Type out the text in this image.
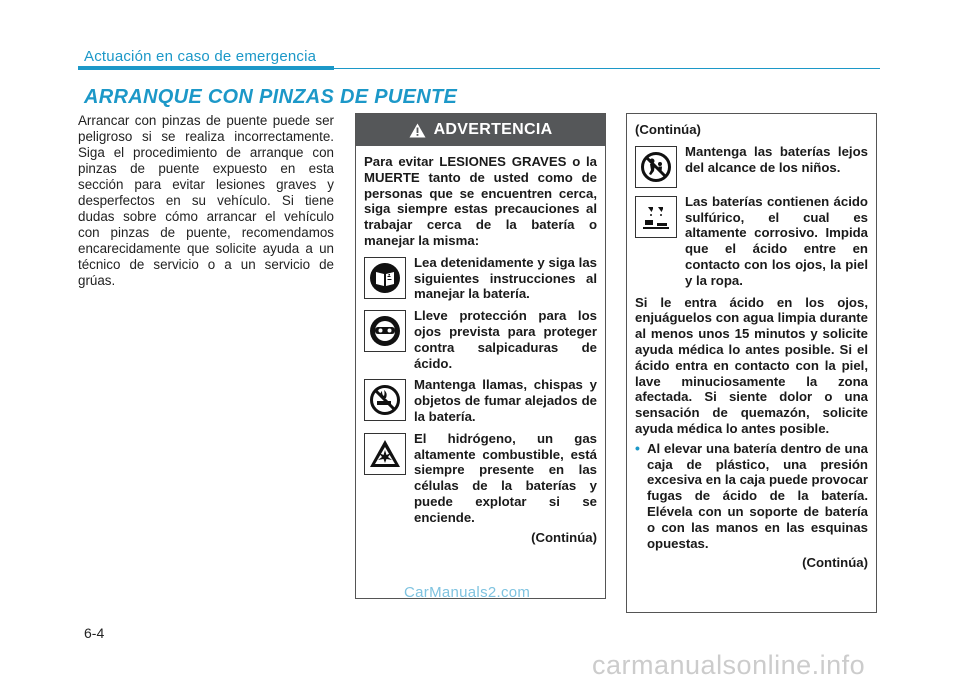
Actuación en caso de emergencia
ARRANQUE CON PINZAS DE PUENTE
Arrancar con pinzas de puente puede ser peligroso si se realiza incorrectamente. Siga el procedimiento de arranque con pinzas de puente expuesto en esta sección para evitar lesiones graves y desperfectos en su vehículo. Si tiene dudas sobre cómo arrancar el vehículo con pinzas de puente, recomendamos encarecidamente que solicite ayuda a un técnico de servicio o a un servicio de grúas.
ADVERTENCIA
Para evitar LESIONES GRAVES o la MUERTE tanto de usted como de personas que se encuentren cerca, siga siempre estas precauciones al trabajar cerca de la batería o manejar la misma:
Lea detenidamente y siga las siguientes instrucciones al manejar la batería.
Lleve protección para los ojos prevista para proteger contra salpicaduras de ácido.
Mantenga llamas, chispas y objetos de fumar alejados de la batería.
El hidrógeno, un gas altamente combustible, está siempre presente en las células de la baterías y puede explotar si se enciende.
(Continúa)
(Continúa)
Mantenga las baterías lejos del alcance de los niños.
Las baterías contienen ácido sulfúrico, el cual es altamente corrosivo. Impida que el ácido entre en contacto con los ojos, la piel y la ropa.
Si le entra ácido en los ojos, enjuáguelos con agua limpia durante al menos unos 15 minutos y solicite ayuda médica lo antes posible. Si el ácido entra en contacto con la piel, lave minuciosamente la zona afectada. Si siente dolor o una sensación de quemazón, solicite ayuda médica lo antes posible.
• Al elevar una batería dentro de una caja de plástico, una presión excesiva en la caja puede provocar fugas de ácido de la batería. Elévela con un soporte de batería o con las manos en las esquinas opuestas.
(Continúa)
CarManuals2.com
6-4
carmanualsonline.info
